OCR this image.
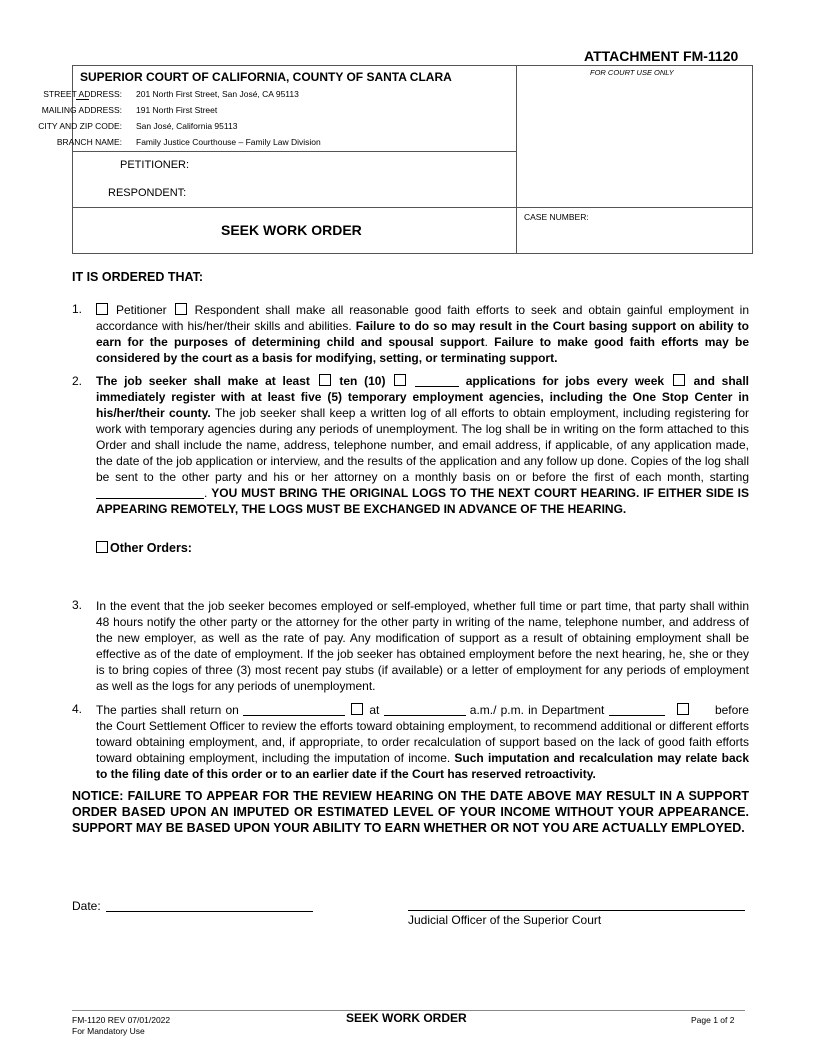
ATTACHMENT FM-1120
SUPERIOR COURT OF CALIFORNIA, COUNTY OF SANTA CLARA	FOR COURT USE ONLY
STREET ADDRESS: 201 North First Street, San José, CA 95113
MAILING ADDRESS: 191 North First Street
CITY AND ZIP CODE: San José, California 95113
BRANCH NAME: Family Justice Courthouse – Family Law Division
PETITIONER:
RESPONDENT:
SEEK WORK ORDER
CASE NUMBER:
IT IS ORDERED THAT:
1.	Petitioner Respondent shall make all reasonable good faith efforts to seek and obtain gainful employment in accordance with his/her/their skills and abilities. Failure to do so may result in the Court basing support on ability to earn for the purposes of determining child and spousal support. Failure to make good faith efforts may be considered by the court as a basis for modifying, setting, or terminating support.
2. The job seeker shall make at least ten (10)	applications for jobs every week and shall immediately register with at least five (5) temporary employment agencies, including the One Stop Center in his/her/their county. The job seeker shall keep a written log of all efforts to obtain employment, including registering for work with temporary agencies during any periods of unemployment. The log shall be in writing on the form attached to this Order and shall include the name, address, telephone number, and email address, if applicable, of any application made, the date of the job application or interview, and the results of the application and any follow up done. Copies of the log shall be sent to the other party and his or her attorney on a monthly basis on or before the first of each month, starting . YOU MUST BRING THE ORIGINAL LOGS TO THE NEXT COURT HEARING. IF EITHER SIDE IS APPEARING REMOTELY, THE LOGS MUST BE EXCHANGED IN ADVANCE OF THE HEARING.
Other Orders:
3. In the event that the job seeker becomes employed or self-employed, whether full time or part time, that party shall within 48 hours notify the other party or the attorney for the other party in writing of the name, telephone number, and address of the new employer, as well as the rate of pay. Any modification of support as a result of obtaining employment shall be effective as of the date of employment. If the job seeker has obtained employment before the next hearing, he, she or they is to bring copies of three (3) most recent pay stubs (if available) or a letter of employment for any periods of employment as well as the logs for any periods of unemployment.
4. The parties shall return on	at	a.m./ p.m. in Department	before the Court Settlement Officer to review the efforts toward obtaining employment, to recommend additional or different efforts toward obtaining employment, and, if appropriate, to order recalculation of support based on the lack of good faith efforts toward obtaining employment, including the imputation of income. Such imputation and recalculation may relate back to the filing date of this order or to an earlier date if the Court has reserved retroactivity.
NOTICE: FAILURE TO APPEAR FOR THE REVIEW HEARING ON THE DATE ABOVE MAY RESULT IN A SUPPORT ORDER BASED UPON AN IMPUTED OR ESTIMATED LEVEL OF YOUR INCOME WITHOUT YOUR APPEARANCE. SUPPORT MAY BE BASED UPON YOUR ABILITY TO EARN WHETHER OR NOT YOU ARE ACTUALLY EMPLOYED.
Date:
Judicial Officer of the Superior Court
FM-1120 REV 07/01/2022
For Mandatory Use
SEEK WORK ORDER	Page 1 of 2
